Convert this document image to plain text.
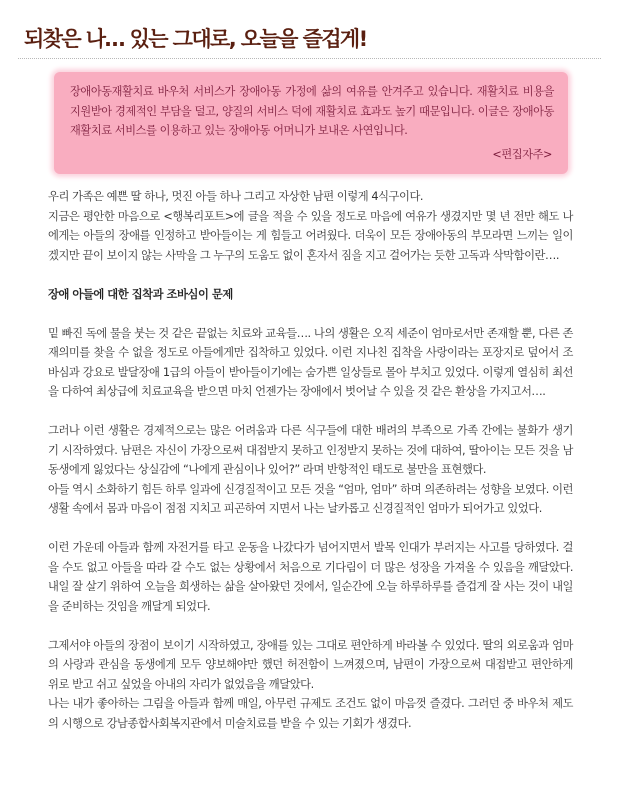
되찾은 나… 있는 그대로, 오늘을 즐겁게!

장애아동재활치료 바우처 서비스가 장애아동 가정에 삶의 여유를 안겨주고 있습니다. 재활치료 비용을 지원받아 경제적인 부담을 덜고, 양질의 서비스 덕에 재활치료 효과도 높기 때문입니다. 이글은 장애아동재활치료 서비스를 이용하고 있는 장애아동 어머니가 보내온 사연입니다.

<편집자주>

우리 가족은 예쁜 딸 하나, 멋진 아들 하나 그리고 자상한 남편 이렇게 4식구이다.
지금은 평안한 마음으로 <행복리포트>에 글을 적을 수 있을 정도로 마음에 여유가 생겼지만 몇 년 전만 해도 나에게는 아들의 장애를 인정하고 받아들이는 게 힘들고 어려웠다. 더욱이 모든 장애아동의 부모라면 느끼는 일이겠지만 끝이 보이지 않는 사막을 그 누구의 도움도 없이 혼자서 짐을 지고 걸어가는 듯한 고독과 삭막함이란….

장애 아들에 대한 집착과 조바심이 문제

밑 빠진 독에 물을 붓는 것 같은 끝없는 치료와 교육들…. 나의 생활은 오직 세준이 엄마로서만 존재할 뿐, 다른 존재의미를 찾을 수 없을 정도로 아들에게만 집착하고 있었다. 이런 지나친 집착을 사랑이라는 포장지로 덮어서 조바심과 강요로 발달장애 1급의 아들이 받아들이기에는 숨가쁜 일상들로 몰아 부치고 있었다. 이렇게 열심히 최선을 다하여 최상급에 치료교육을 받으면 마치 언젠가는 장애에서 벗어날 수 있을 것 같은 환상을 가지고서….

그러나 이런 생활은 경제적으로는 많은 어려움과 다른 식구들에 대한 배려의 부족으로 가족 간에는 불화가 생기기 시작하였다. 남편은 자신이 가장으로써 대접받지 못하고 인정받지 못하는 것에 대하여, 딸아이는 모든 것을 남동생에게 잃었다는 상실감에 “나에게 관심이나 있어?” 라며 반항적인 태도로 불만을 표현했다.
아들 역시 소화하기 힘든 하루 일과에 신경질적이고 모든 것을 “엄마, 엄마” 하며 의존하려는 성향을 보였다. 이런 생활 속에서 몸과 마음이 점점 지치고 피곤하여 지면서 나는 날카롭고 신경질적인 엄마가 되어가고 있었다.

이런 가운데 아들과 함께 자전거를 타고 운동을 나갔다가 넘어지면서 발목 인대가 부러지는 사고를 당하였다. 걸을 수도 없고 아들을 따라 갈 수도 없는 상황에서 처음으로 기다림이 더 많은 성장을 가져올 수 있음을 깨달았다. 내일 잘 살기 위하여 오늘을 희생하는 삶을 살아왔던 것에서, 일순간에 오늘 하루하루를 즐겁게 잘 사는 것이 내일을 준비하는 것임을 깨달게 되었다.

그제서야 아들의 장점이 보이기 시작하였고, 장애를 있는 그대로 편안하게 바라볼 수 있었다. 딸의 외로움과 엄마의 사랑과 관심을 동생에게 모두 양보해야만 했던 허전함이 느껴졌으며, 남편이 가장으로써 대접받고 편안하게 위로 받고 쉬고 싶었을 아내의 자리가 없었음을 깨달았다.
나는 내가 좋아하는 그림을 아들과 함께 매일, 아무런 규제도 조건도 없이 마음껏 즐겼다. 그러던 중 바우처 제도의 시행으로 강남종합사회복지관에서 미술치료를 받을 수 있는 기회가 생겼다.
